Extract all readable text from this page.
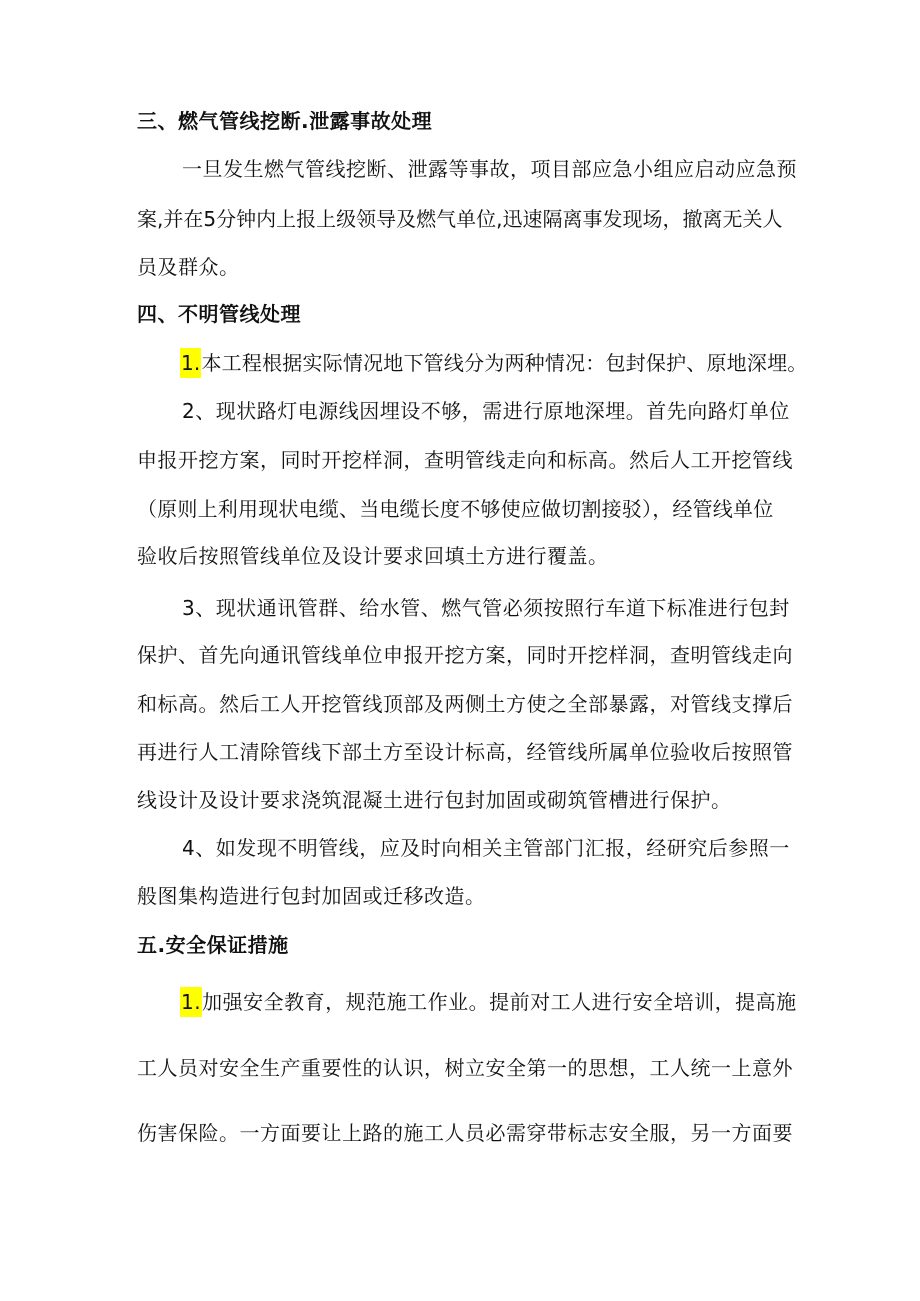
三、燃气管线挖断.泄露事故处理
一旦发生燃气管线挖断、泄露等事故，项目部应急小组应启动应急预
案,并在5分钟内上报上级领导及燃气单位,迅速隔离事发现场，撤离无关人
员及群众。
四、不明管线处理
1.本工程根据实际情况地下管线分为两种情况：包封保护、原地深埋。
2、现状路灯电源线因埋设不够，需进行原地深埋。首先向路灯单位
申报开挖方案，同时开挖样洞，查明管线走向和标高。然后人工开挖管线
（原则上利用现状电缆、当电缆长度不够使应做切割接驳），经管线单位
验收后按照管线单位及设计要求回填土方进行覆盖。
3、现状通讯管群、给水管、燃气管必须按照行车道下标准进行包封
保护、首先向通讯管线单位申报开挖方案，同时开挖样洞，查明管线走向
和标高。然后工人开挖管线顶部及两侧土方使之全部暴露，对管线支撑后
再进行人工清除管线下部土方至设计标高，经管线所属单位验收后按照管
线设计及设计要求浇筑混凝土进行包封加固或砌筑管槽进行保护。
4、如发现不明管线，应及时向相关主管部门汇报，经研究后参照一
般图集构造进行包封加固或迁移改造。
五.安全保证措施
1.加强安全教育，规范施工作业。提前对工人进行安全培训，提高施
工人员对安全生产重要性的认识，树立安全第一的思想，工人统一上意外
伤害保险。一方面要让上路的施工人员必需穿带标志安全服，另一方面要
